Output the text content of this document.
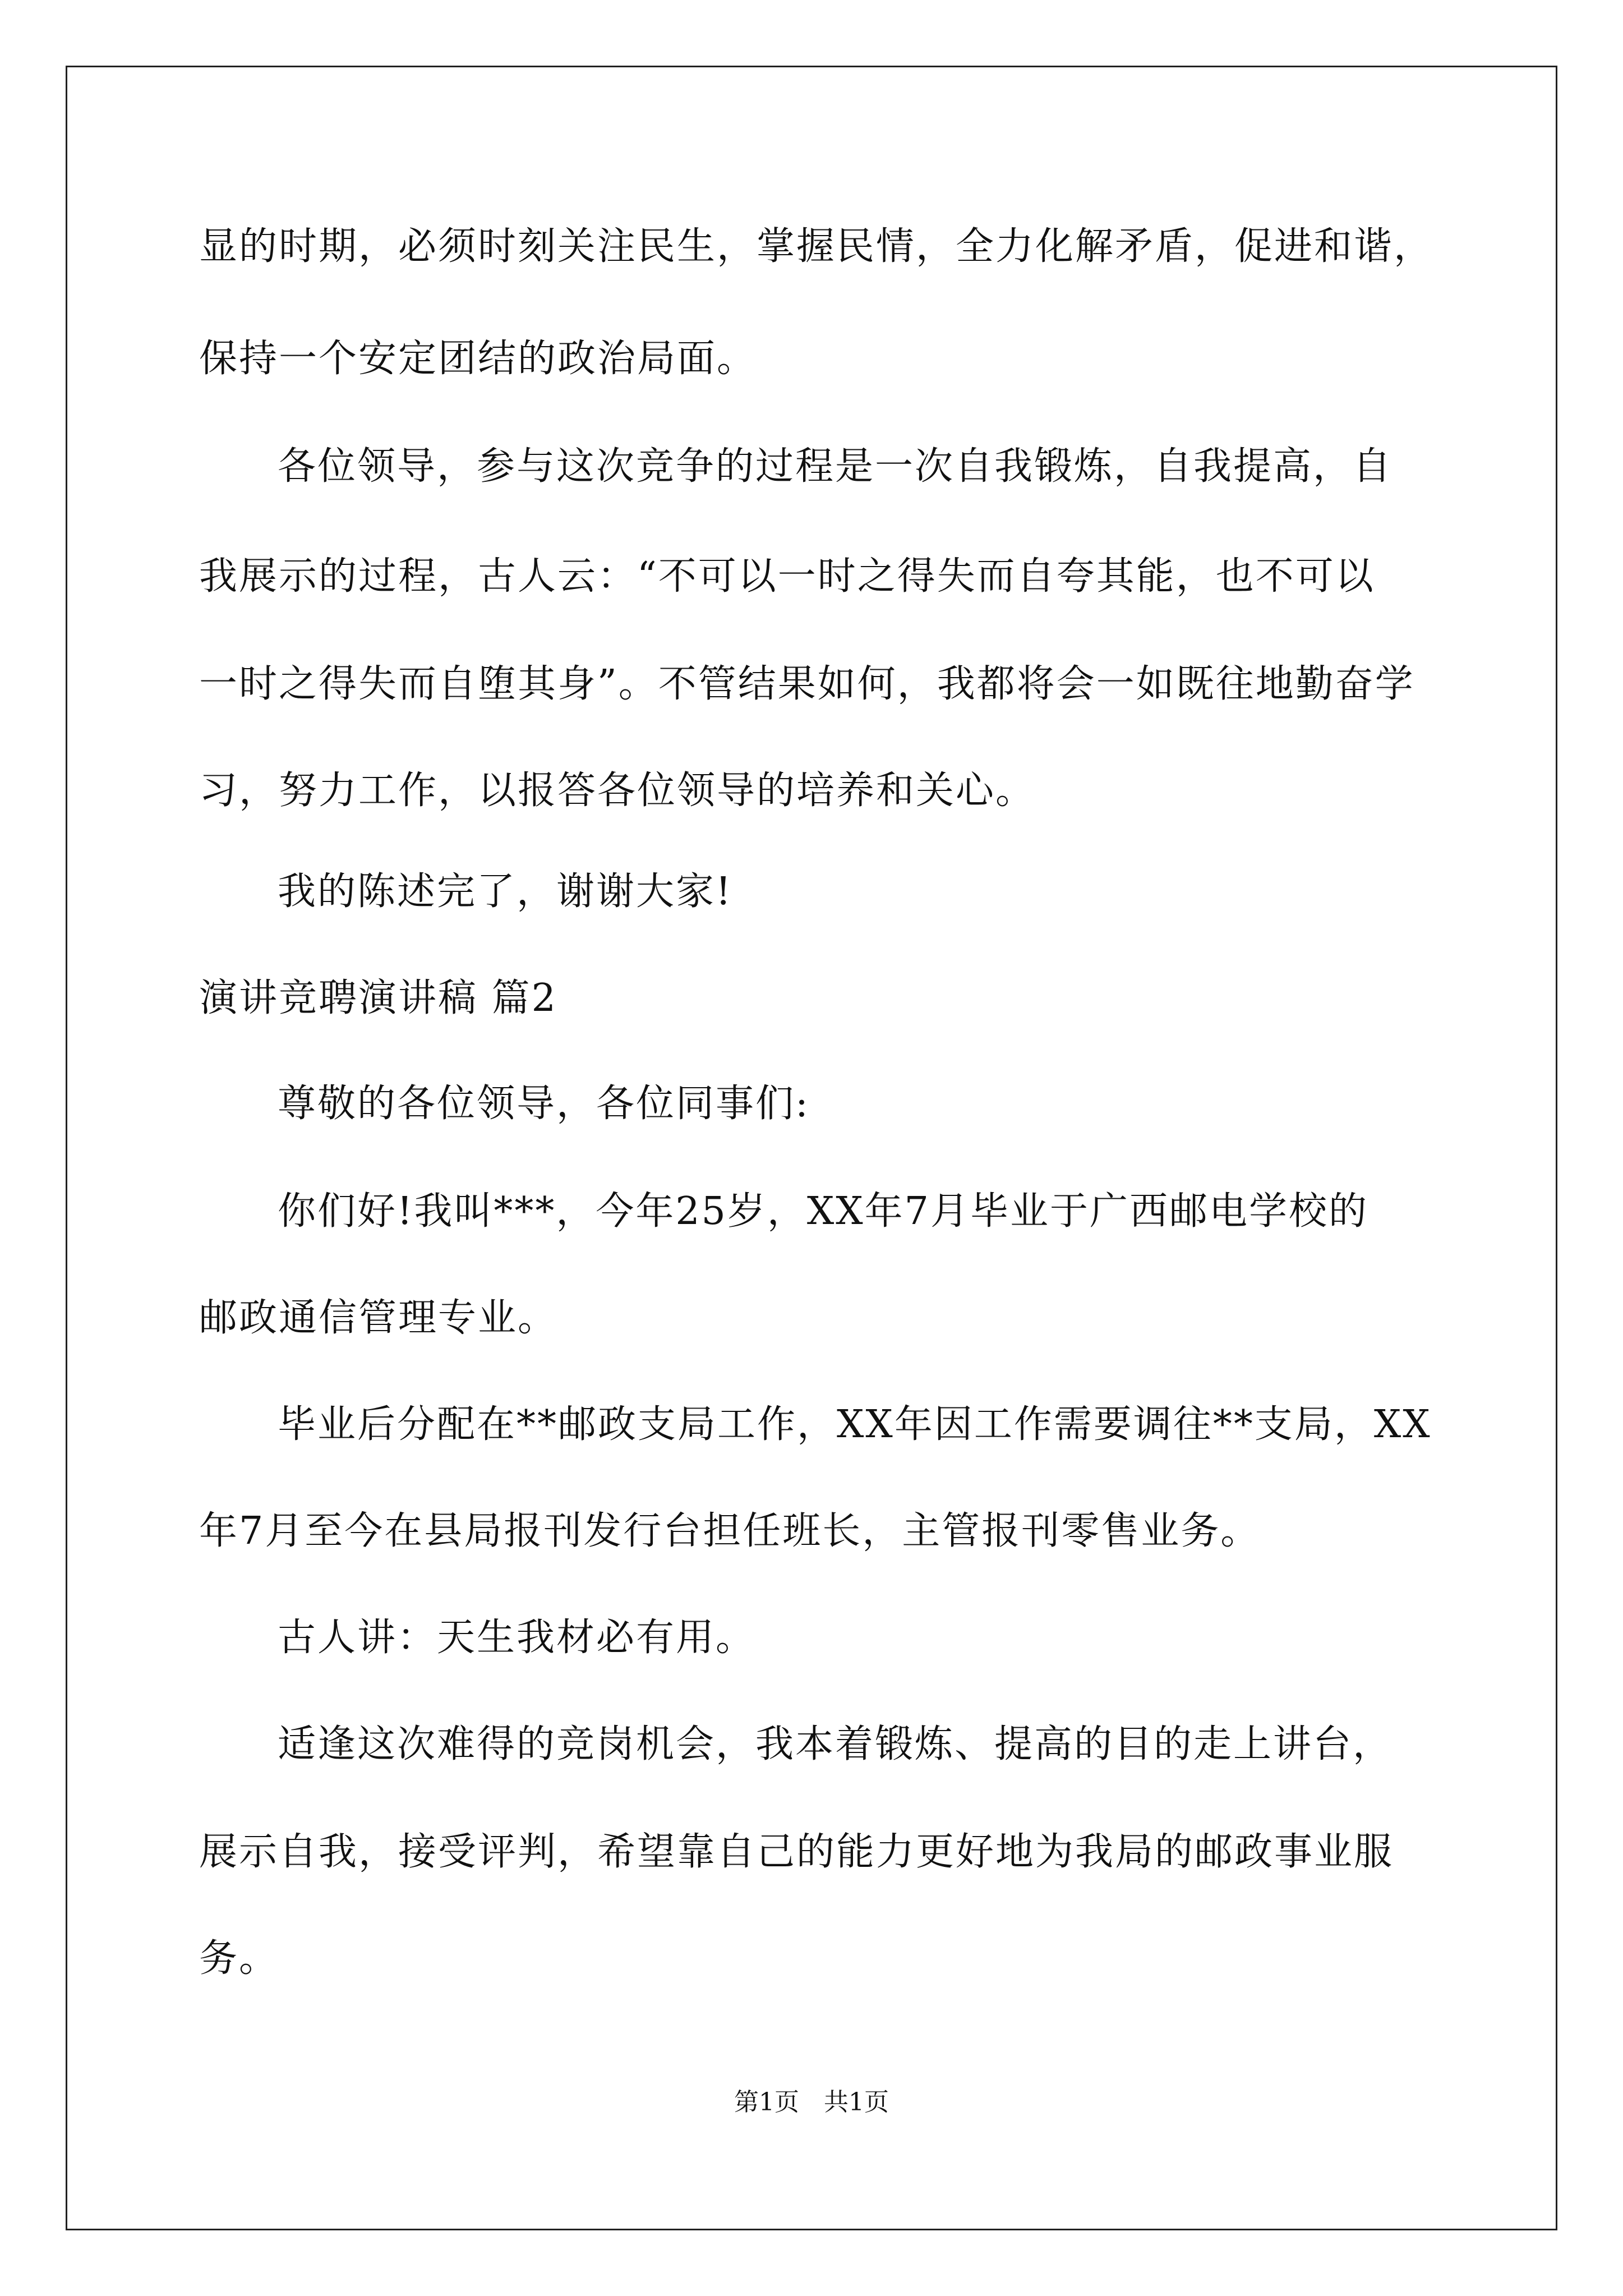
显的时期，必须时刻关注民生，掌握民情，全力化解矛盾，促进和谐，
保持一个安定团结的政治局面。
各位领导，参与这次竞争的过程是一次自我锻炼，自我提高，自
我展示的过程，古人云：“不可以一时之得失而自夸其能，也不可以
一时之得失而自堕其身”。不管结果如何，我都将会一如既往地勤奋学
习，努力工作，以报答各位领导的培养和关心。
我的陈述完了，谢谢大家!
演讲竞聘演讲稿 篇2
尊敬的各位领导，各位同事们:
你们好!我叫***，今年25岁，XX年7月毕业于广西邮电学校的
邮政通信管理专业。
毕业后分配在**邮政支局工作，XX年因工作需要调往**支局，XX
年7月至今在县局报刊发行台担任班长，主管报刊零售业务。
古人讲：天生我材必有用。
适逢这次难得的竞岗机会，我本着锻炼、提高的目的走上讲台，
展示自我，接受评判，希望靠自己的能力更好地为我局的邮政事业服
务。
第1页　共1页
